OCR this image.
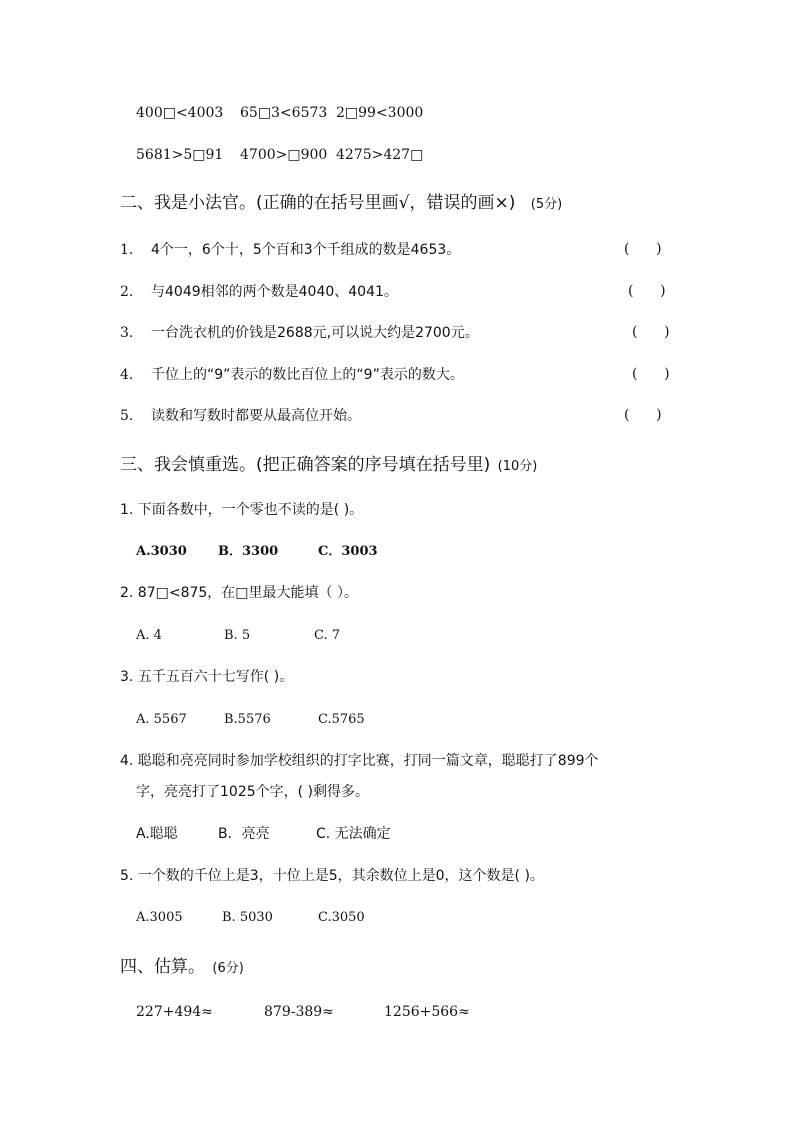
400□<4003 65□3<6573 2□99<3000
5681>5□91 4700>□900 4275>427□
二、我是小法官。(正确的在括号里画√，错误的画×) (5分)
1. 4个一，6个十，5个百和3个千组成的数是4653。	(      )
2. 与4049相邻的两个数是4040、4041。	(      )
3. 一台洗衣机的价钱是2688元,可以说大约是2700元。	(      )
4. 千位上的“9”表示的数比百位上的“9”表示的数大。	(      )
5. 读数和写数时都要从最高位开始。	(      )
三、我会慎重选。(把正确答案的序号填在括号里) (10分)
1. 下面各数中，一个零也不读的是( )。
A.3030 B．3300	C．3003
2. 87□<875，在□里最大能填（ ）。
A. 4	B. 5	C. 7
3. 五千五百六十七写作( )。
A. 5567	B.5576	C.5765
4. 聪聪和亮亮同时参加学校组织的打字比赛，打同一篇文章，聪聪打了899个
字，亮亮打了1025个字，( )剩得多。
A.聪聪	B．亮亮	C. 无法确定
5. 一个数的千位上是3，十位上是5，其余数位上是0，这个数是( )。
A.3005	B. 5030	C.3050
四、估算。 (6分)
227+494≈	879-389≈	1256+566≈
